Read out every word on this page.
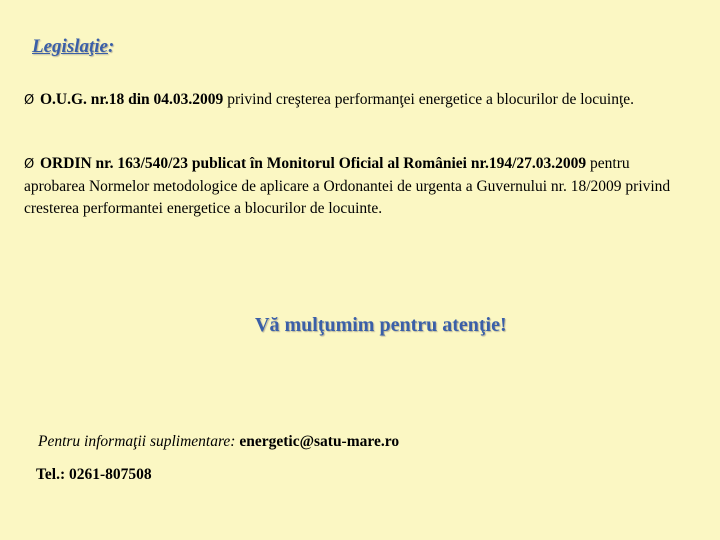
Legislaţie:
Ø O.U.G. nr.18 din 04.03.2009 privind creşterea performanţei energetice a blocurilor de locuinţe.
Ø ORDIN nr. 163/540/23 publicat în Monitorul Oficial al României nr.194/27.03.2009 pentru aprobarea Normelor metodologice de aplicare a Ordonantei de urgenta a Guvernului nr. 18/2009 privind cresterea performantei energetice a blocurilor de locuinte.
Vă mulţumim pentru atenţie!
Pentru informaţii suplimentare: energetic@satu-mare.ro
Tel.: 0261-807508
